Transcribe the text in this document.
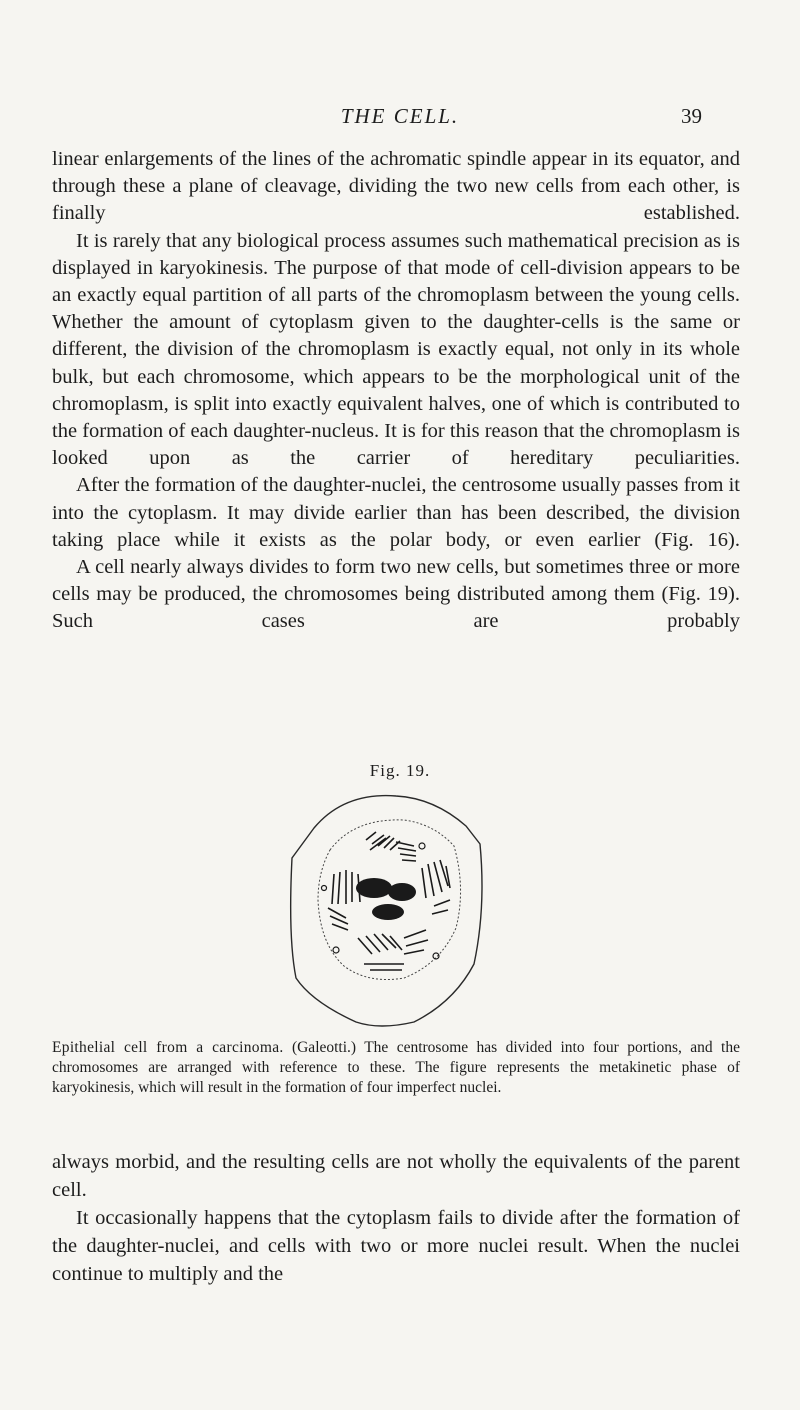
THE CELL.	39

linear enlargements of the lines of the achromatic spindle appear in its equator, and through these a plane of cleavage, dividing the two new cells from each other, is finally established.

It is rarely that any biological process assumes such mathematical precision as is displayed in karyokinesis. The purpose of that mode of cell-division appears to be an exactly equal partition of all parts of the chromoplasm between the young cells. Whether the amount of cytoplasm given to the daughter-cells is the same or different, the division of the chromoplasm is exactly equal, not only in its whole bulk, but each chromosome, which appears to be the morphological unit of the chromoplasm, is split into exactly equivalent halves, one of which is contributed to the formation of each daughter-nucleus. It is for this reason that the chromoplasm is looked upon as the carrier of hereditary peculiarities.

After the formation of the daughter-nuclei, the centrosome usually passes from it into the cytoplasm. It may divide earlier than has been described, the division taking place while it exists as the polar body, or even earlier (Fig. 16).

A cell nearly always divides to form two new cells, but sometimes three or more cells may be produced, the chromosomes being distributed among them (Fig. 19). Such cases are probably

Fig. 19.
Epithelial cell from a carcinoma. (Galeotti.) The centrosome has divided into four portions, and the chromosomes are arranged with reference to these. The figure represents the metakinetic phase of karyokinesis, which will result in the formation of four imperfect nuclei.

always morbid, and the resulting cells are not wholly the equivalents of the parent cell.

It occasionally happens that the cytoplasm fails to divide after the formation of the daughter-nuclei, and cells with two or more nuclei result. When the nuclei continue to multiply and the
